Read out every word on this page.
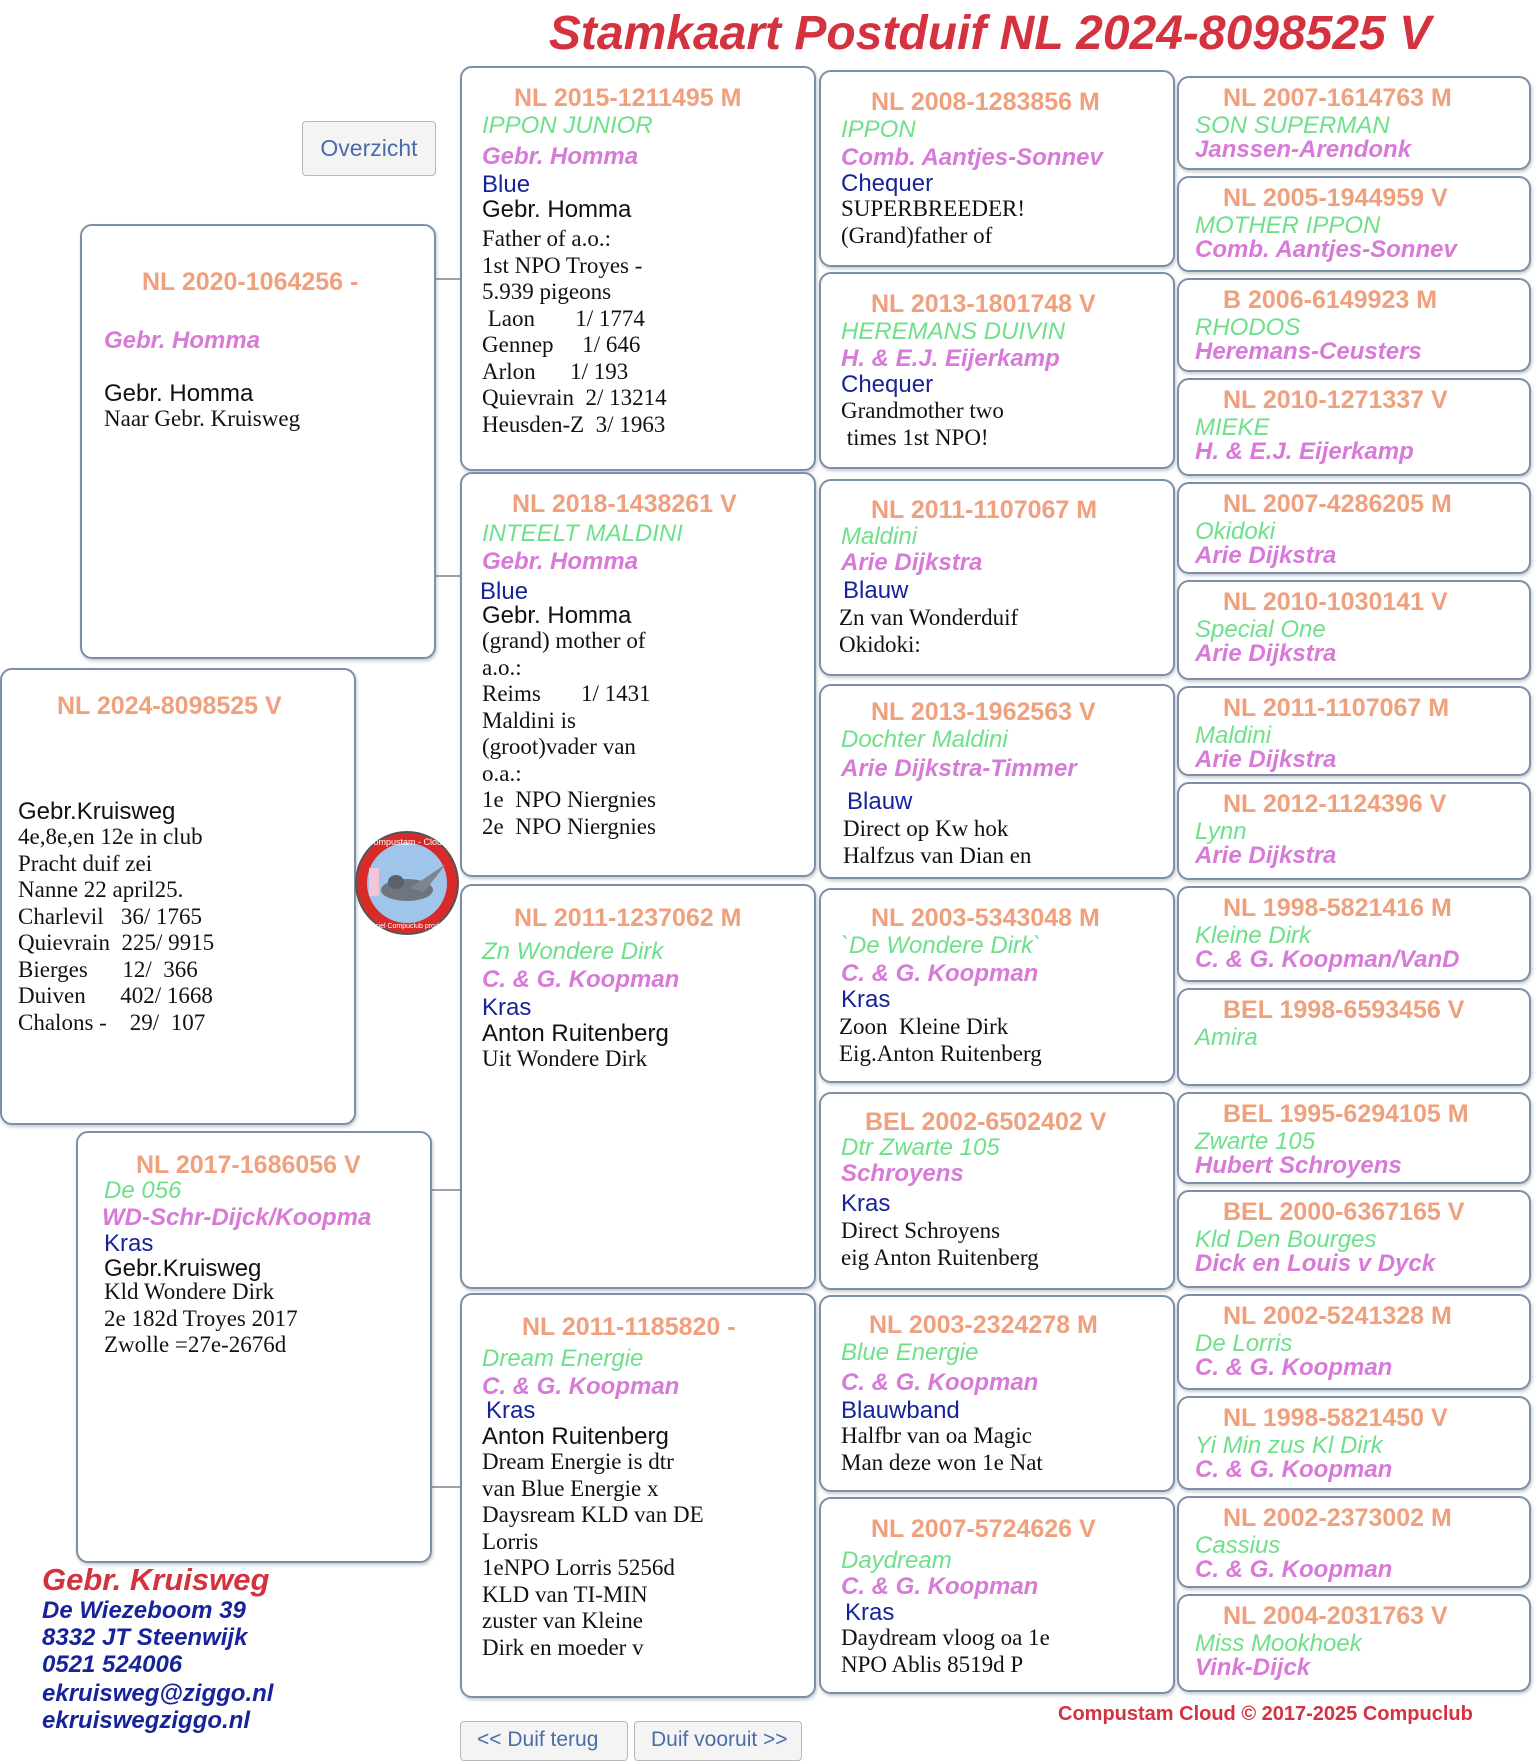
Stamkaart Postduif NL 2024-8098525 V
Overzicht
NL 2024-8098525 V
Gebr.Kruisweg
4e,8e,en 12e in club
Pracht duif zei
Nanne 22 april25.
Charlevil   36/ 1765
Quievrain  225/ 9915
Bierges      12/  366
Duiven      402/ 1668
Chalons -    29/  107
NL 2020-1064256 -
Gebr. Homma
Gebr. Homma
Naar Gebr. Kruisweg
NL 2017-1686056 V
De 056
WD-Schr-Dijck/Koopma
Kras
Gebr.Kruisweg
Kld Wondere Dirk
2e 182d Troyes 2017
Zwolle =27e-2676d
NL 2015-1211495 M
IPPON JUNIOR
Gebr. Homma
Blue
Gebr. Homma
Father of a.o.:
1st NPO Troyes -
5.939 pigeons
Laon       1/ 1774
Gennep     1/ 646
Arlon      1/ 193
Quievrain  2/ 13214
Heusden-Z  3/ 1963
NL 2018-1438261 V
INTEELT MALDINI
Gebr. Homma
Blue
Gebr. Homma
(grand) mother of
a.o.:
Reims       1/ 1431
Maldini is
(groot)vader van
o.a.:
1e  NPO Niergnies
2e  NPO Niergnies
NL 2011-1237062 M
Zn Wondere Dirk
C. & G. Koopman
Kras
Anton Ruitenberg
Uit Wondere Dirk
NL 2011-1185820 -
Dream Energie
C. & G. Koopman
Kras
Anton Ruitenberg
Dream Energie is dtr
van Blue Energie x
Daysream KLD van DE
Lorris
1eNPO Lorris 5256d
KLD van TI-MIN
zuster van Kleine
Dirk en moeder v
NL 2008-1283856 M
IPPON
Comb. Aantjes-Sonnev
Chequer
SUPERBREEDER!
(Grand)father of
NL 2013-1801748 V
HEREMANS DUIVIN
H. & E.J. Eijerkamp
Chequer
Grandmother two
times 1st NPO!
NL 2011-1107067 M
Maldini
Arie Dijkstra
Blauw
Zn van Wonderduif
Okidoki:
NL 2013-1962563 V
Dochter Maldini
Arie Dijkstra-Timmer
Blauw
Direct op Kw hok
Halfzus van Dian en
NL 2003-5343048 M
`De Wondere Dirk`
C. & G. Koopman
Kras
Zoon  Kleine Dirk
Eig.Anton Ruitenberg
BEL 2002-6502402 V
Dtr Zwarte 105
Schroyens
Kras
Direct Schroyens
eig Anton Ruitenberg
NL 2003-2324278 M
Blue Energie
C. & G. Koopman
Blauwband
Halfbr van oa Magic
Man deze won 1e Nat
NL 2007-5724626 V
Daydream
C. & G. Koopman
Kras
Daydream vloog oa 1e
NPO Ablis 8519d P
NL 2007-1614763 M
SON SUPERMAN
Janssen-Arendonk
NL 2005-1944959 V
MOTHER IPPON
Comb. Aantjes-Sonnev
B 2006-6149923 M
RHODOS
Heremans-Ceusters
NL 2010-1271337 V
MIEKE
H. & E.J. Eijerkamp
NL 2007-4286205 M
Okidoki
Arie Dijkstra
NL 2010-1030141 V
Special One
Arie Dijkstra
NL 2011-1107067 M
Maldini
Arie Dijkstra
NL 2012-1124396 V
Lynn
Arie Dijkstra
NL 1998-5821416 M
Kleine Dirk
C. & G. Koopman/VanD
BEL 1998-6593456 V
Amira
BEL 1995-6294105 M
Zwarte 105
Hubert Schroyens
BEL 2000-6367165 V
Kld Den Bourges
Dick en Louis v Dyck
NL 2002-5241328 M
De Lorris
C. & G. Koopman
NL 1998-5821450 V
Yi Min zus Kl Dirk
C. & G. Koopman
NL 2002-2373002 M
Cassius
C. & G. Koopman
NL 2004-2031763 V
Miss Mookhoek
Vink-Dijck
Compustam - Cloud
officiel Compuclub product
Gebr. Kruisweg
De Wiezeboom 39
8332 JT Steenwijk
0521 524006
ekruisweg@ziggo.nl
ekruiswegziggo.nl	Compustam Cloud © 2017-2025 Compuclub
<< Duif terug	Duif vooruit >>
